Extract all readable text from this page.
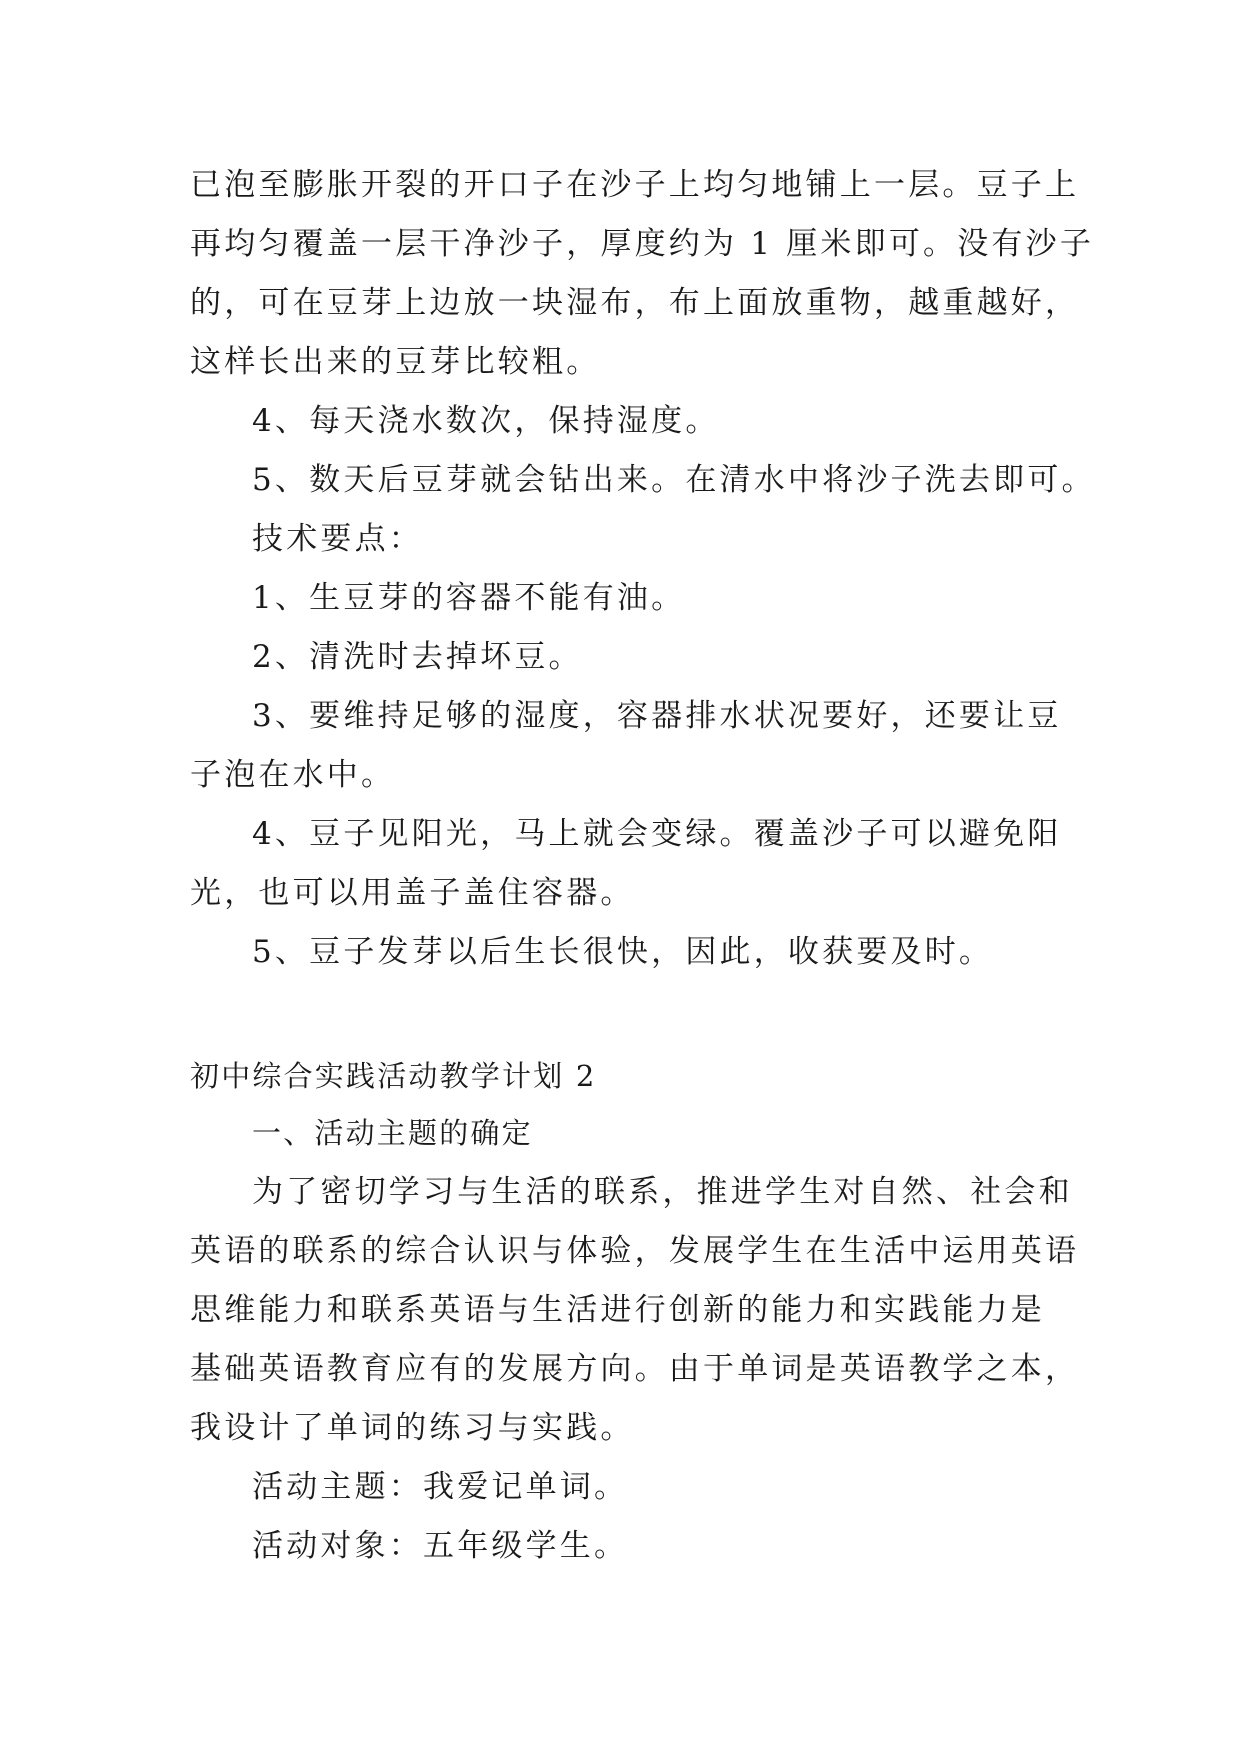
已泡至膨胀开裂的开口子在沙子上均匀地铺上一层。豆子上
再均匀覆盖一层干净沙子，厚度约为 1 厘米即可。没有沙子
的，可在豆芽上边放一块湿布，布上面放重物，越重越好，
这样长出来的豆芽比较粗。
4、每天浇水数次，保持湿度。
5、数天后豆芽就会钻出来。在清水中将沙子洗去即可。
技术要点：
1、生豆芽的容器不能有油。
2、清洗时去掉坏豆。
3、要维持足够的湿度，容器排水状况要好，还要让豆
子泡在水中。
4、豆子见阳光，马上就会变绿。覆盖沙子可以避免阳
光，也可以用盖子盖住容器。
5、豆子发芽以后生长很快，因此，收获要及时。
初中综合实践活动教学计划 2
一、活动主题的确定
为了密切学习与生活的联系，推进学生对自然、社会和
英语的联系的综合认识与体验，发展学生在生活中运用英语
思维能力和联系英语与生活进行创新的能力和实践能力是
基础英语教育应有的发展方向。由于单词是英语教学之本，
我设计了单词的练习与实践。
活动主题：我爱记单词。
活动对象：五年级学生。
